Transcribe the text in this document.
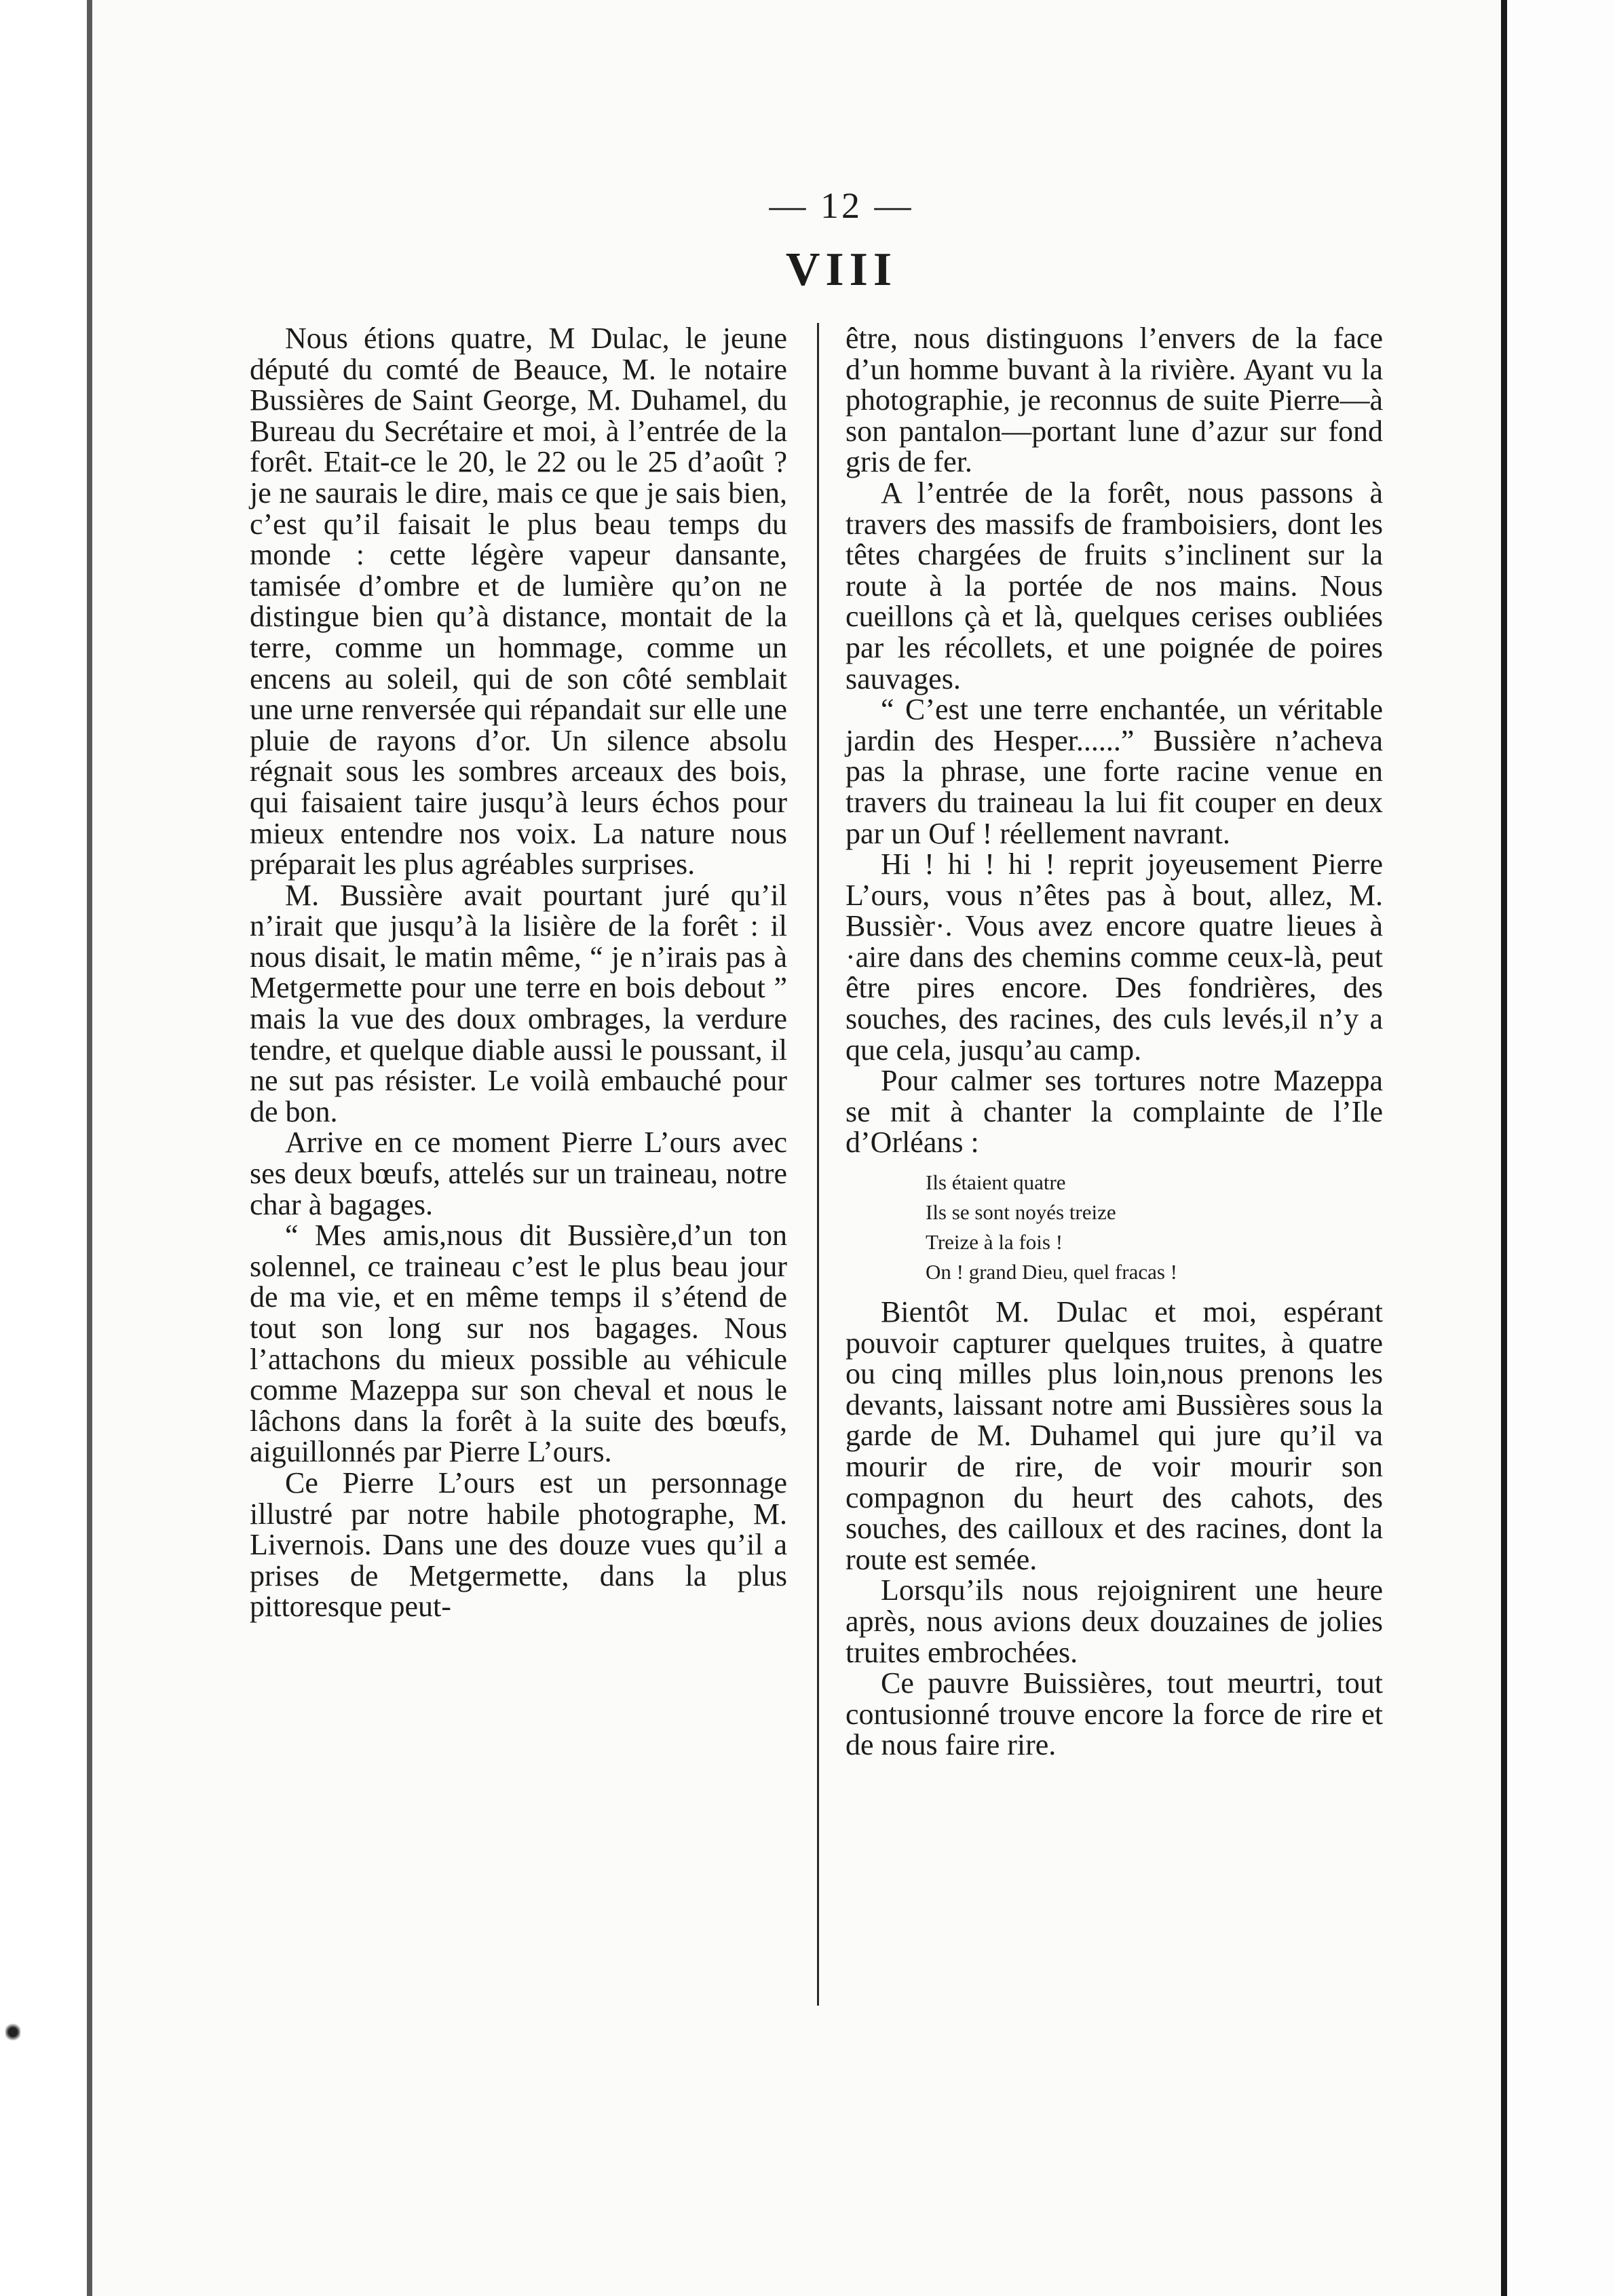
— 12 —
VIII

Nous étions quatre, M Dulac, le jeune député du comté de Beauce, M. le notaire Bussières de Saint George, M. Duhamel, du Bureau du Secrétaire et moi, à l’entrée de la forêt. Etait-ce le 20, le 22 ou le 25 d’août ? je ne saurais le dire, mais ce que je sais bien, c’est qu’il faisait le plus beau temps du monde : cette légère vapeur dansante, tamisée d’ombre et de lumière qu’on ne distingue bien qu’à distance, montait de la terre, comme un hommage, comme un encens au soleil, qui de son côté semblait une urne renversée qui répandait sur elle une pluie de rayons d’or. Un silence absolu régnait sous les sombres arceaux des bois, qui faisaient taire jusqu’à leurs échos pour mieux entendre nos voix. La nature nous préparait les plus agréables surprises.

M. Bussière avait pourtant juré qu’il n’irait que jusqu’à la lisière de la forêt : il nous disait, le matin même, “ je n’irais pas à Metgermette pour une terre en bois debout ” mais la vue des doux ombrages, la verdure tendre, et quelque diable aussi le poussant, il ne sut pas résister. Le voilà embauché pour de bon.

Arrive en ce moment Pierre L’ours avec ses deux bœufs, attelés sur un traineau, notre char à bagages.

“ Mes amis,nous dit Bussière,d’un ton solennel, ce traineau c’est le plus beau jour de ma vie, et en même temps il s’étend de tout son long sur nos bagages. Nous l’attachons du mieux possible au véhicule comme Mazeppa sur son cheval et nous le lâchons dans la forêt à la suite des bœufs, aiguillonnés par Pierre L’ours.

Ce Pierre L’ours est un personnage illustré par notre habile photographe, M. Livernois. Dans une des douze vues qu’il a prises de Metgermette, dans la plus pittoresque peut-

être, nous distinguons l’envers de la face d’un homme buvant à la rivière. Ayant vu la photographie, je reconnus de suite Pierre—à son pantalon—portant lune d’azur sur fond gris de fer.

A l’entrée de la forêt, nous passons à travers des massifs de framboisiers, dont les têtes chargées de fruits s’inclinent sur la route à la portée de nos mains. Nous cueillons çà et là, quelques cerises oubliées par les récollets, et une poignée de poires sauvages.

“ C’est une terre enchantée, un véritable jardin des Hesper......” Bussière n’acheva pas la phrase, une forte racine venue en travers du traineau la lui fit couper en deux par un Ouf ! réellement navrant.

Hi ! hi ! hi ! reprit joyeusement Pierre L’ours, vous n’êtes pas à bout, allez, M. Bussièr·. Vous avez encore quatre lieues à ·aire dans des chemins comme ceux-là, peut être pires encore. Des fondrières, des souches, des racines, des culs levés,il n’y a que cela, jusqu’au camp.

Pour calmer ses tortures notre Mazeppa se mit à chanter la complainte de l’Ile d’Orléans :

Ils étaient quatre
Ils se sont noyés treize
Treize à la fois !
On ! grand Dieu, quel fracas !

Bientôt M. Dulac et moi, espérant pouvoir capturer quelques truites, à quatre ou cinq milles plus loin,nous prenons les devants, laissant notre ami Bussières sous la garde de M. Duhamel qui jure qu’il va mourir de rire, de voir mourir son compagnon du heurt des cahots, des souches, des cailloux et des racines, dont la route est semée.

Lorsqu’ils nous rejoignirent une heure après, nous avions deux douzaines de jolies truites embrochées.

Ce pauvre Buissières, tout meurtri, tout contusionné trouve encore la force de rire et de nous faire rire.
